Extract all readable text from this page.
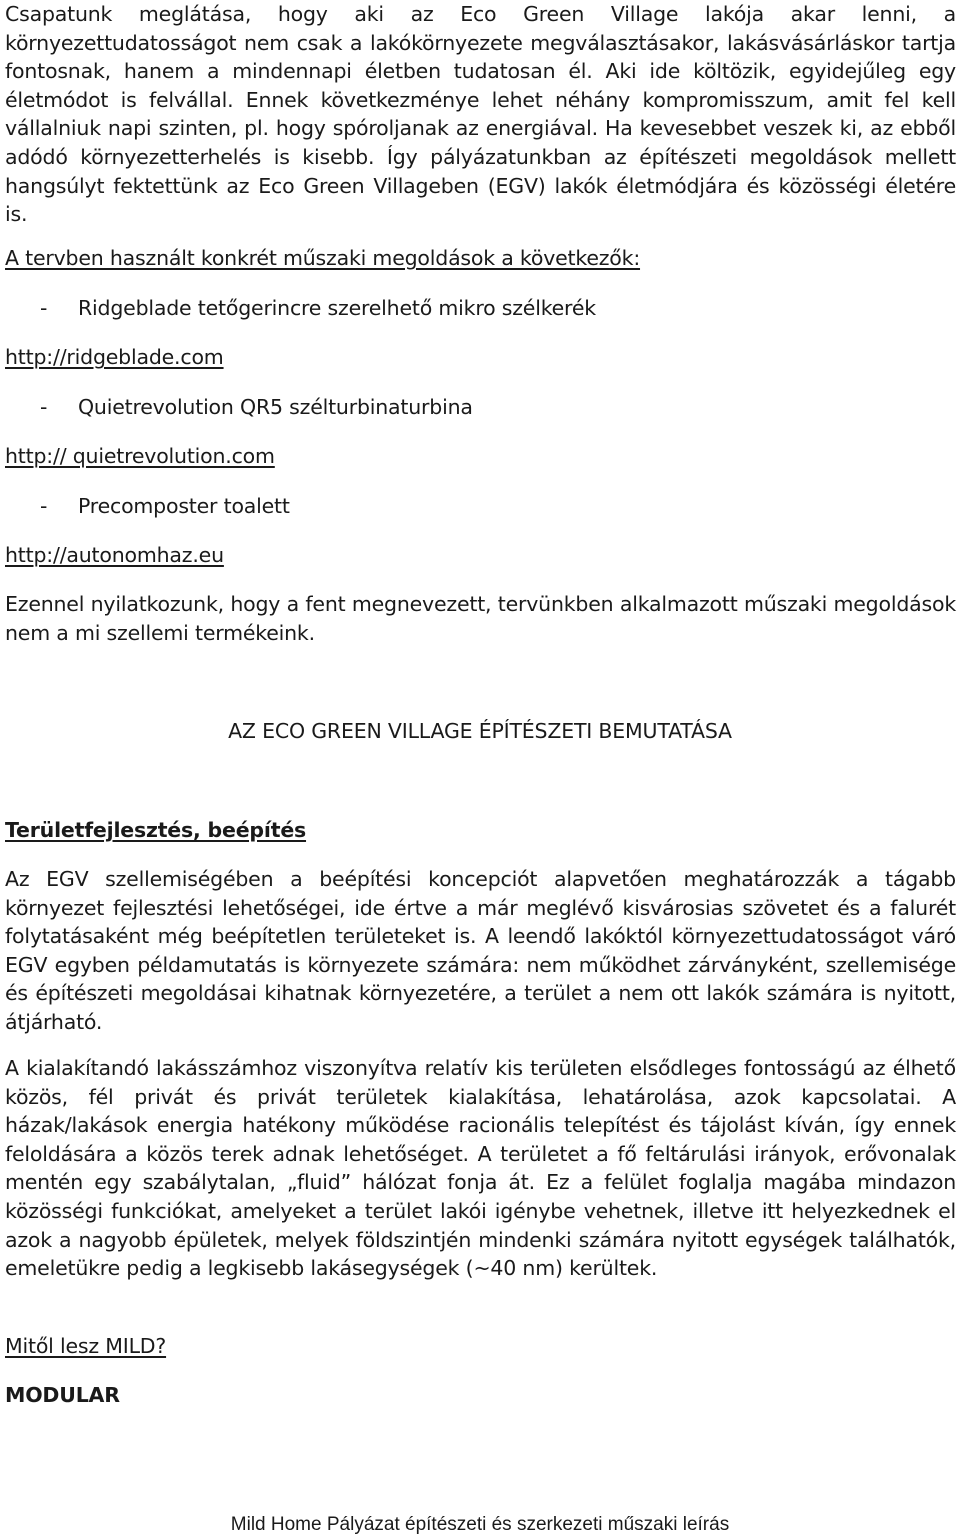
Csapatunk meglátása, hogy aki az Eco Green Village lakója akar lenni, a környezettudatosságot nem csak a lakókörnyezete megválasztásakor, lakásvásárláskor tartja fontosnak, hanem a mindennapi életben tudatosan él. Aki ide költözik, egyidejűleg egy életmódot is felvállal. Ennek következménye lehet néhány kompromisszum, amit fel kell vállalniuk napi szinten, pl. hogy spóroljanak az energiával. Ha kevesebbet veszek ki, az ebből adódó környezetterhelés is kisebb. Így pályázatunkban az építészeti megoldások mellett hangsúlyt fektettünk az Eco Green Villageben (EGV) lakók életmódjára és közösségi életére is.

A tervben használt konkrét műszaki megoldások a következők:
- Ridgeblade tetőgerincre szerelhető mikro szélkerék
http://ridgeblade.com
- Quietrevolution QR5 szélturbinaturbina
http:// quietrevolution.com
- Precomposter toalett
http://autonomhaz.eu

Ezennel nyilatkozunk, hogy a fent megnevezett, tervünkben alkalmazott műszaki megoldások nem a mi szellemi termékeink.

AZ ECO GREEN VILLAGE ÉPÍTÉSZETI BEMUTATÁSA
Területfejlesztés, beépítés

Az EGV szellemiségében a beépítési koncepciót alapvetően meghatározzák a tágabb környezet fejlesztési lehetőségei, ide értve a már meglévő kisvárosias szövetet és a falurét folytatásaként még beépítetlen területeket is. A leendő lakóktól környezettudatosságot váró EGV egyben példamutatás is környezete számára: nem működhet zárványként, szellemisége és építészeti megoldásai kihatnak környezetére, a terület a nem ott lakók számára is nyitott, átjárható.

A kialakítandó lakásszámhoz viszonyítva relatív kis területen elsődleges fontosságú az élhető közös, fél privát és privát területek kialakítása, lehatárolása, azok kapcsolatai. A házak/lakások energia hatékony működése racionális telepítést és tájolást kíván, így ennek feloldására a közös terek adnak lehetőséget. A területet a fő feltárulási irányok, erővonalak mentén egy szabálytalan, „fluid” hálózat fonja át. Ez a felület foglalja magába mindazon közösségi funkciókat, amelyeket a terület lakói igénybe vehetnek, illetve itt helyezkednek el azok a nagyobb épületek, melyek földszintjén mindenki számára nyitott egységek találhatók, emeletükre pedig a legkisebb lakásegységek (~40 nm) kerültek.

Mitől lesz MILD?
MODULAR
Mild Home Pályázat építészeti és szerkezeti műszaki leírás
